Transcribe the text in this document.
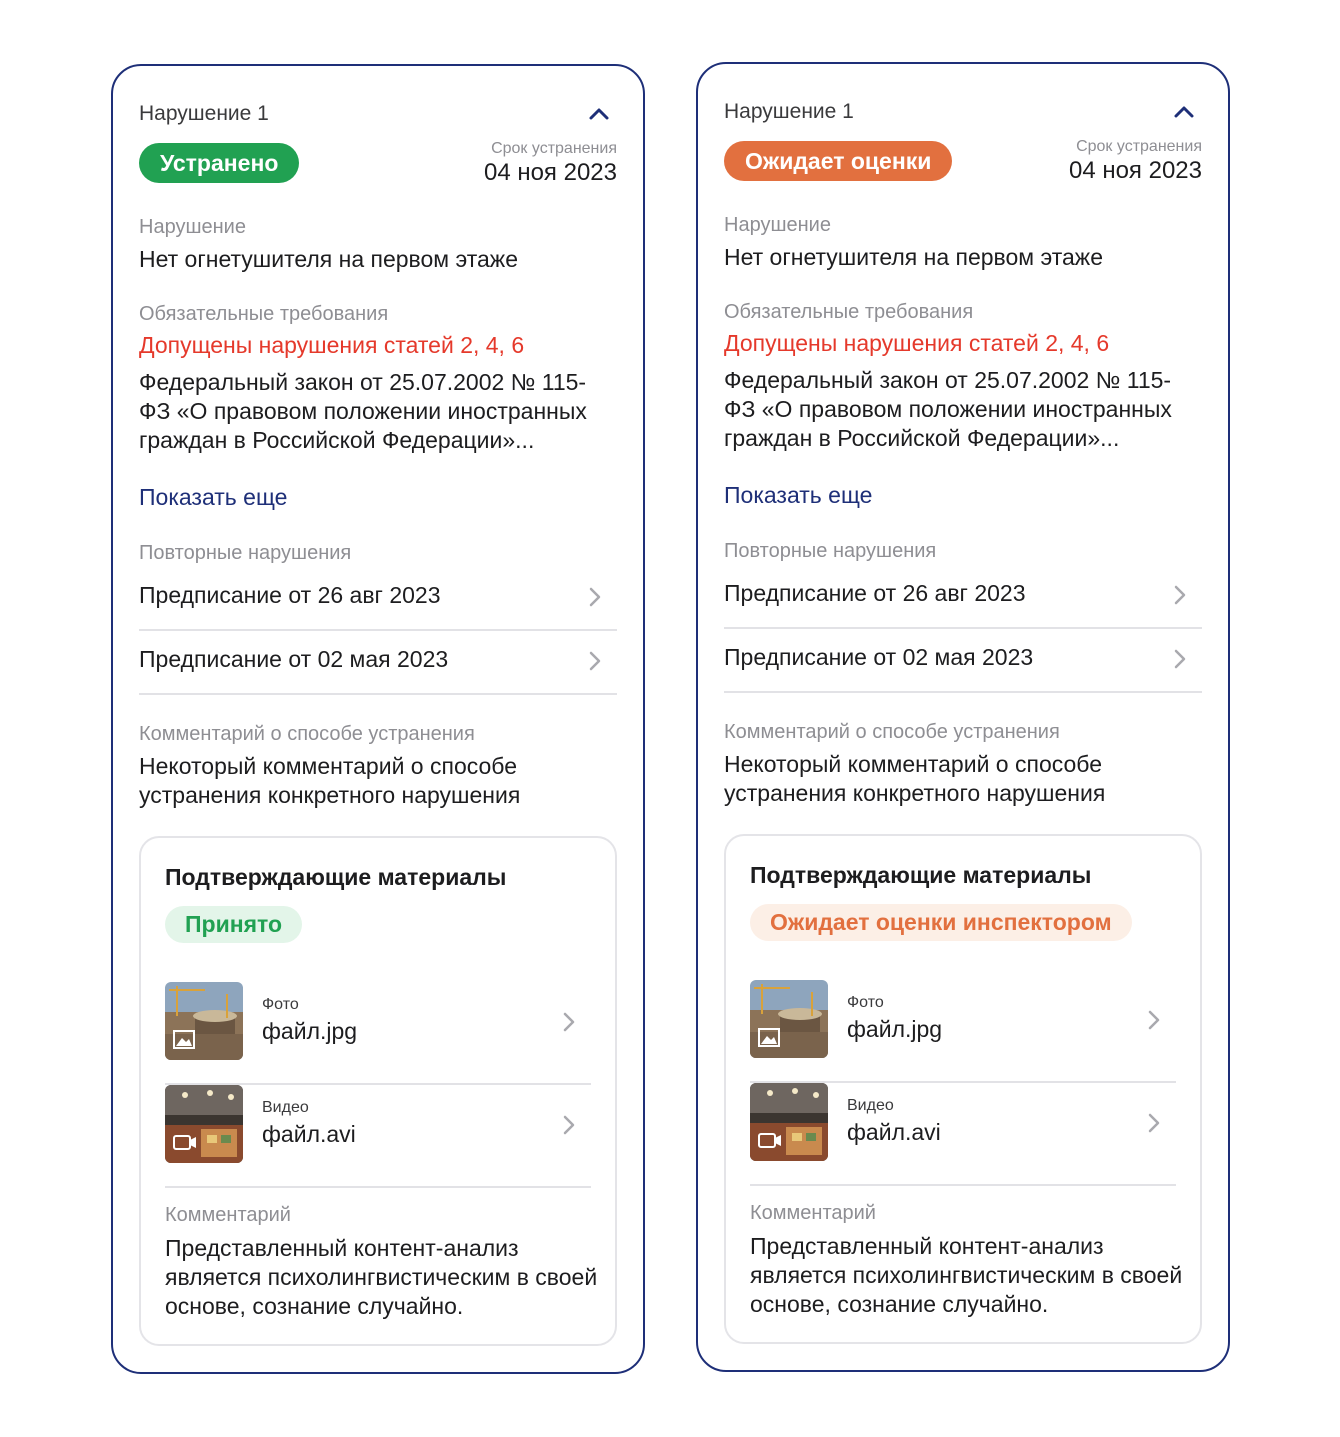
Нарушение 1
Устранено
Срок устранения
04 ноя 2023
Нарушение
Нет огнетушителя на первом этаже
Обязательные требования
Допущены нарушения статей 2, 4, 6
Федеральный закон от 25.07.2002 № 115-ФЗ «О правовом положении иностранных граждан в Российской Федерации»...
Показать еще
Повторные нарушения
Предписание от 26 авг 2023
Предписание от 02 мая 2023
Комментарий о способе устранения
Некоторый комментарий о способе устранения конкретного нарушения
Подтверждающие материалы
Принято
Фото
файл.jpg
Видео
файл.avi
Комментарий
Представленный контент-анализ является психолингвистическим в своей основе, сознание случайно.
Нарушение 1
Ожидает оценки
Срок устранения
04 ноя 2023
Нарушение
Нет огнетушителя на первом этаже
Обязательные требования
Допущены нарушения статей 2, 4, 6
Федеральный закон от 25.07.2002 № 115-ФЗ «О правовом положении иностранных граждан в Российской Федерации»...
Показать еще
Повторные нарушения
Предписание от 26 авг 2023
Предписание от 02 мая 2023
Комментарий о способе устранения
Некоторый комментарий о способе устранения конкретного нарушения
Подтверждающие материалы
Ожидает оценки инспектором
Фото
файл.jpg
Видео
файл.avi
Комментарий
Представленный контент-анализ является психолингвистическим в своей основе, сознание случайно.
